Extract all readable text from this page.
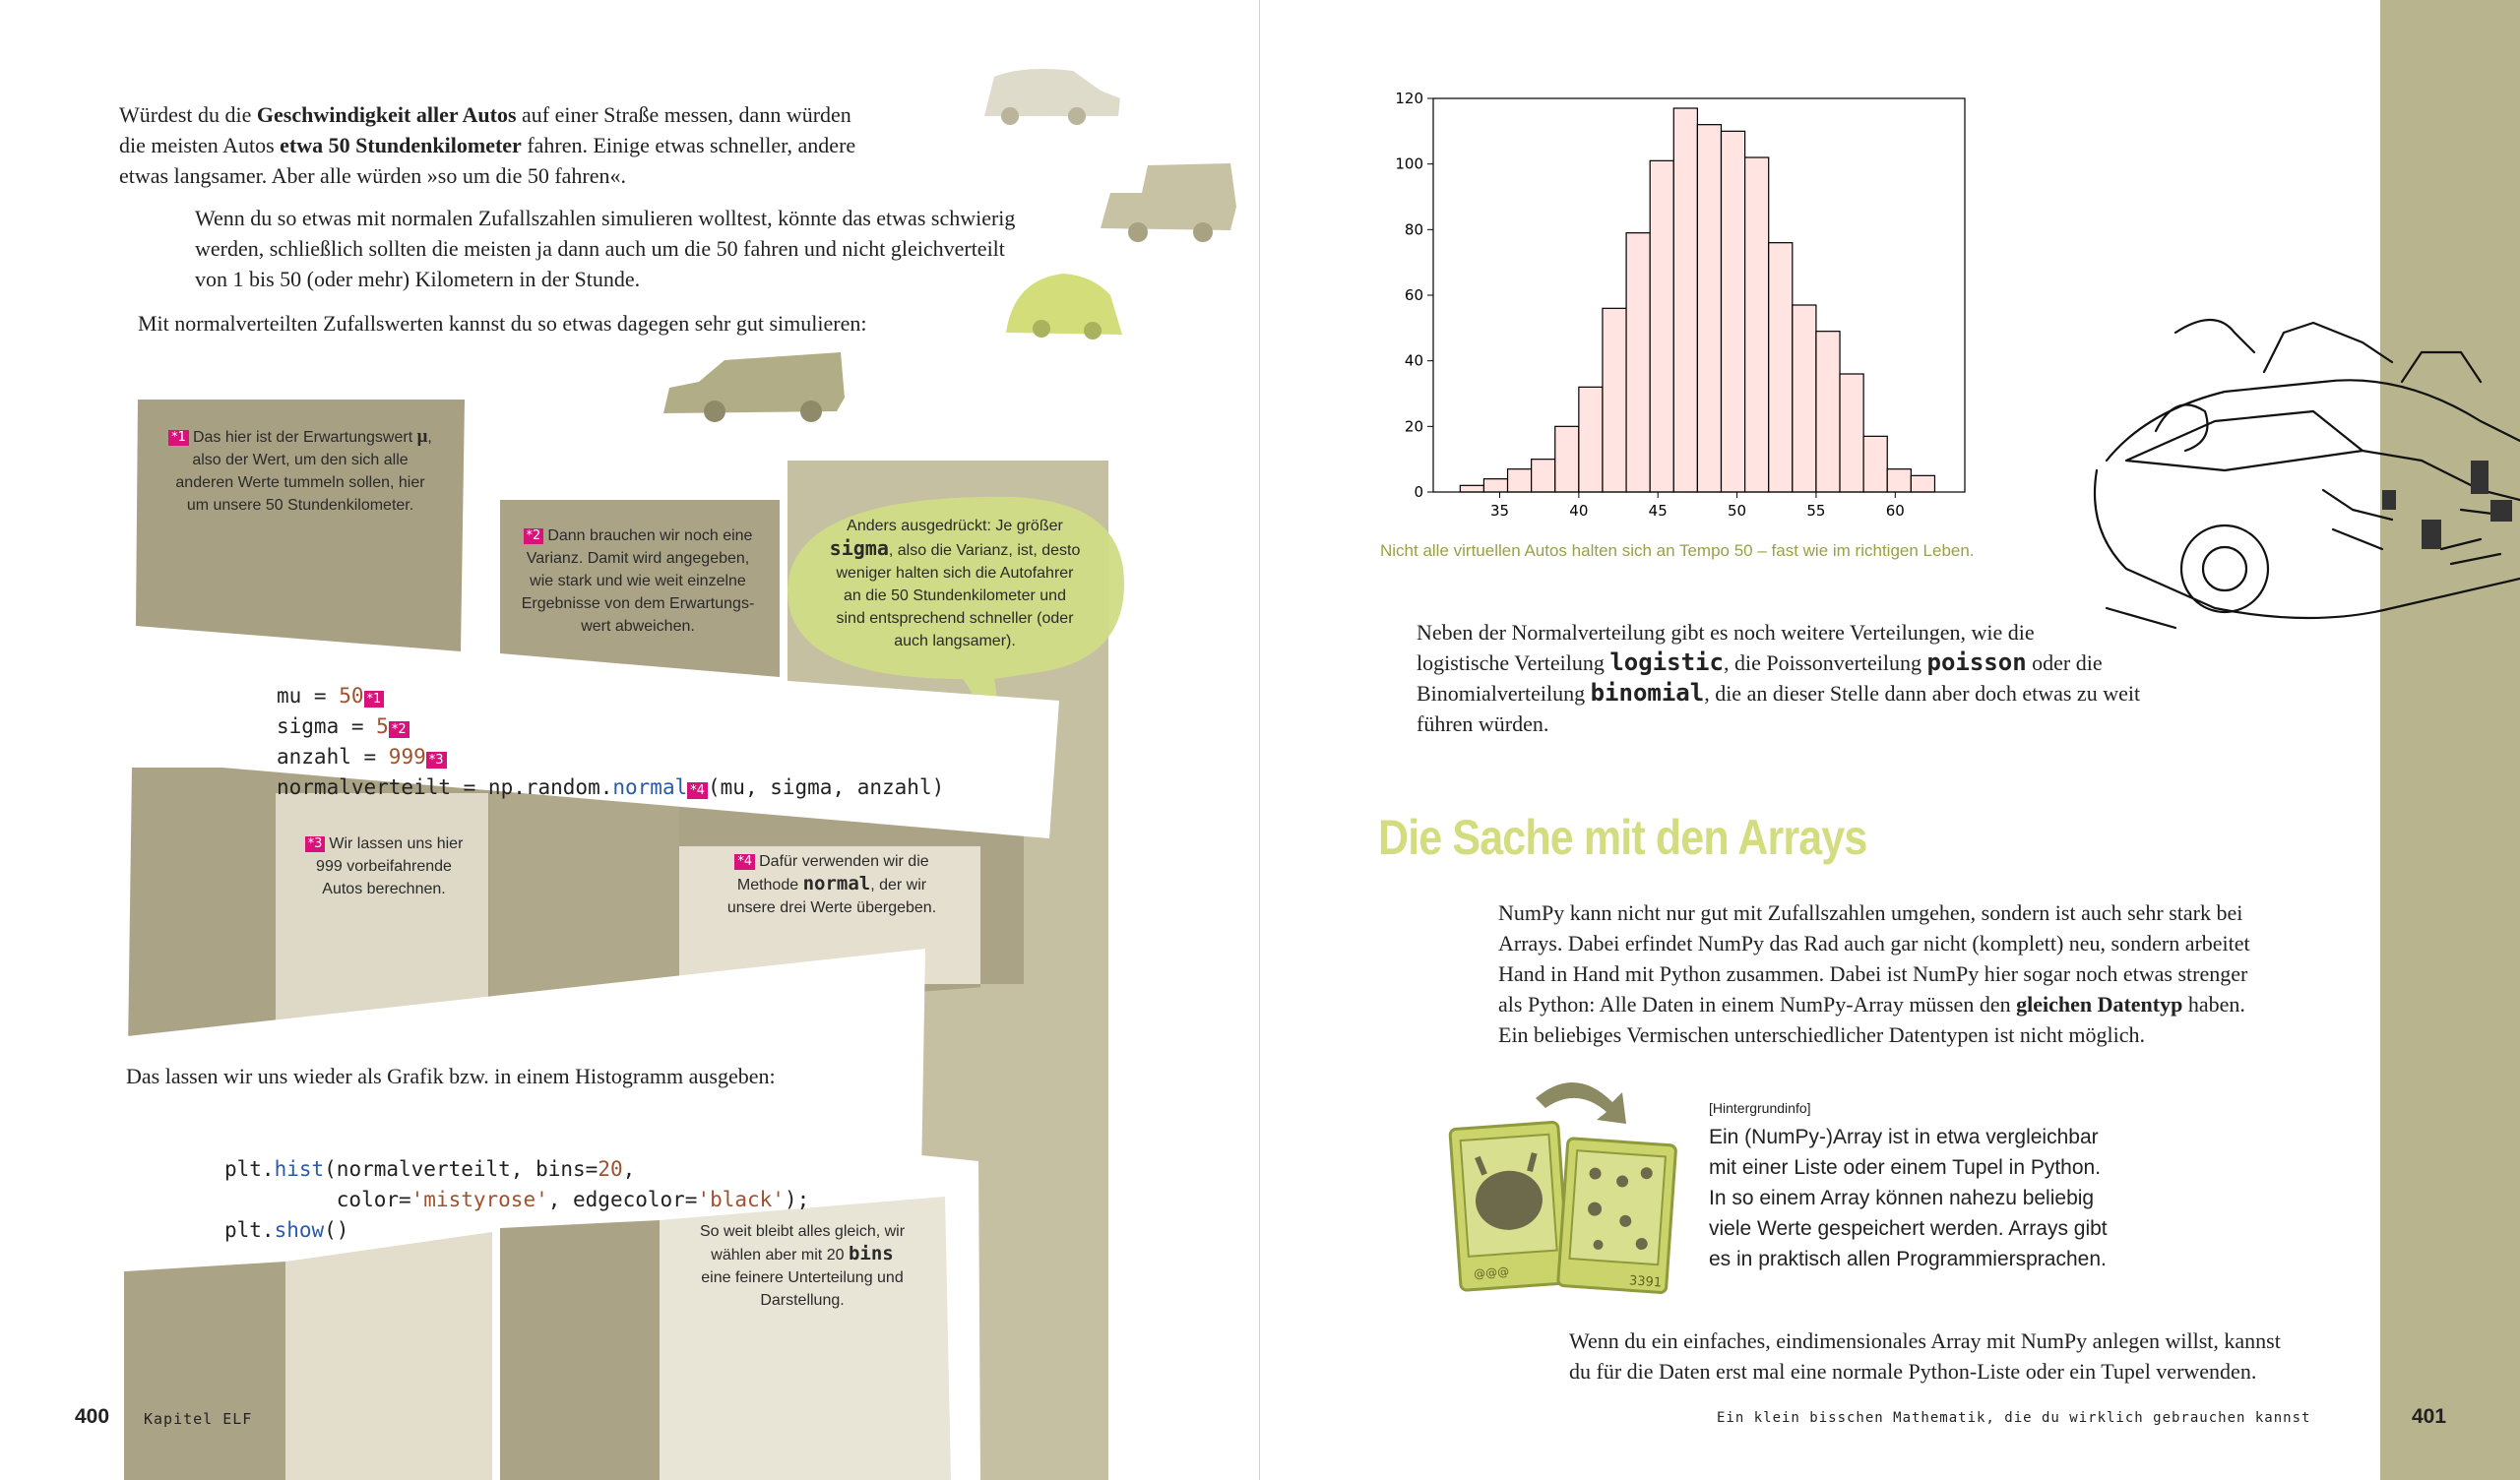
Würdest du die Geschwindigkeit aller Autos auf einer Straße messen, dann würden
die meisten Autos etwa 50 Stundenkilometer fahren. Einige etwas schneller, andere
etwas langsamer. Aber alle würden »so um die 50 fahren«.
Wenn du so etwas mit normalen Zufallszahlen simulieren wolltest, könnte das etwas schwierig
werden, schließlich sollten die meisten ja dann auch um die 50 fahren und nicht gleichverteilt
von 1 bis 50 (oder mehr) Kilometern in der Stunde.
Mit normalverteilten Zufallswerten kannst du so etwas dagegen sehr gut simulieren:
*1 Das hier ist der Erwartungswert μ,
also der Wert, um den sich alle
anderen Werte tummeln sollen, hier
um unsere 50 Stundenkilometer.
*2 Dann brauchen wir noch eine
Varianz. Damit wird angegeben,
wie stark und wie weit einzelne
Ergebnisse von dem Erwartungs-
wert abweichen.
Anders ausgedrückt: Je größer
sigma, also die Varianz, ist, desto
weniger halten sich die Autofahrer
an die 50 Stundenkilometer und
sind entsprechend schneller (oder
auch langsamer).

mu = 50 *1
sigma = 5 *2
anzahl = 999 *3
normalverteilt = np.random.normal *4 (mu, sigma, anzahl)

*3 Wir lassen uns hier
999 vorbeifahrende
Autos berechnen.
*4 Dafür verwenden wir die
Methode normal, der wir
unsere drei Werte übergeben.
Das lassen wir uns wieder als Grafik bzw. in einem Histogramm ausgeben:

plt.hist(normalverteilt, bins=20,
color='mistyrose', edgecolor='black');
plt.show()

	So weit bleibt alles gleich, wir
wählen aber mit 20 bins
eine feinere Unterteilung und
Darstellung.
400 Kapitel ELF
35	40	45	50	55	60
0
20
40
60
80
100
120
Nicht alle virtuellen Autos halten sich an Tempo 50 – fast wie im richtigen Leben.
Neben der Normalverteilung gibt es noch weitere Verteilungen, wie die
logistische Verteilung logistic, die Poissonverteilung poisson oder die
Binomialverteilung binomial, die an dieser Stelle dann aber doch etwas zu weit
führen würden.
Die Sache mit den Arrays
NumPy kann nicht nur gut mit Zufallszahlen umgehen, sondern ist auch sehr stark bei
Arrays. Dabei erfindet NumPy das Rad auch gar nicht (komplett) neu, sondern arbeitet
Hand in Hand mit Python zusammen. Dabei ist NumPy hier sogar noch etwas strenger
als Python: Alle Daten in einem NumPy-Array müssen den gleichen Datentyp haben.
Ein beliebiges Vermischen unterschiedlicher Datentypen ist nicht möglich.
@@@
3391
[Hintergrundinfo]
Ein (NumPy-)Array ist in etwa vergleichbar
mit einer Liste oder einem Tupel in Python.
In so einem Array können nahezu beliebig
viele Werte gespeichert werden. Arrays gibt
es in praktisch allen Programmiersprachen.
Wenn du ein einfaches, eindimensionales Array mit NumPy anlegen willst, kannst
du für die Daten erst mal eine normale Python-Liste oder ein Tupel verwenden.
Ein klein bisschen Mathematik, die du wirklich gebrauchen kannst	401
